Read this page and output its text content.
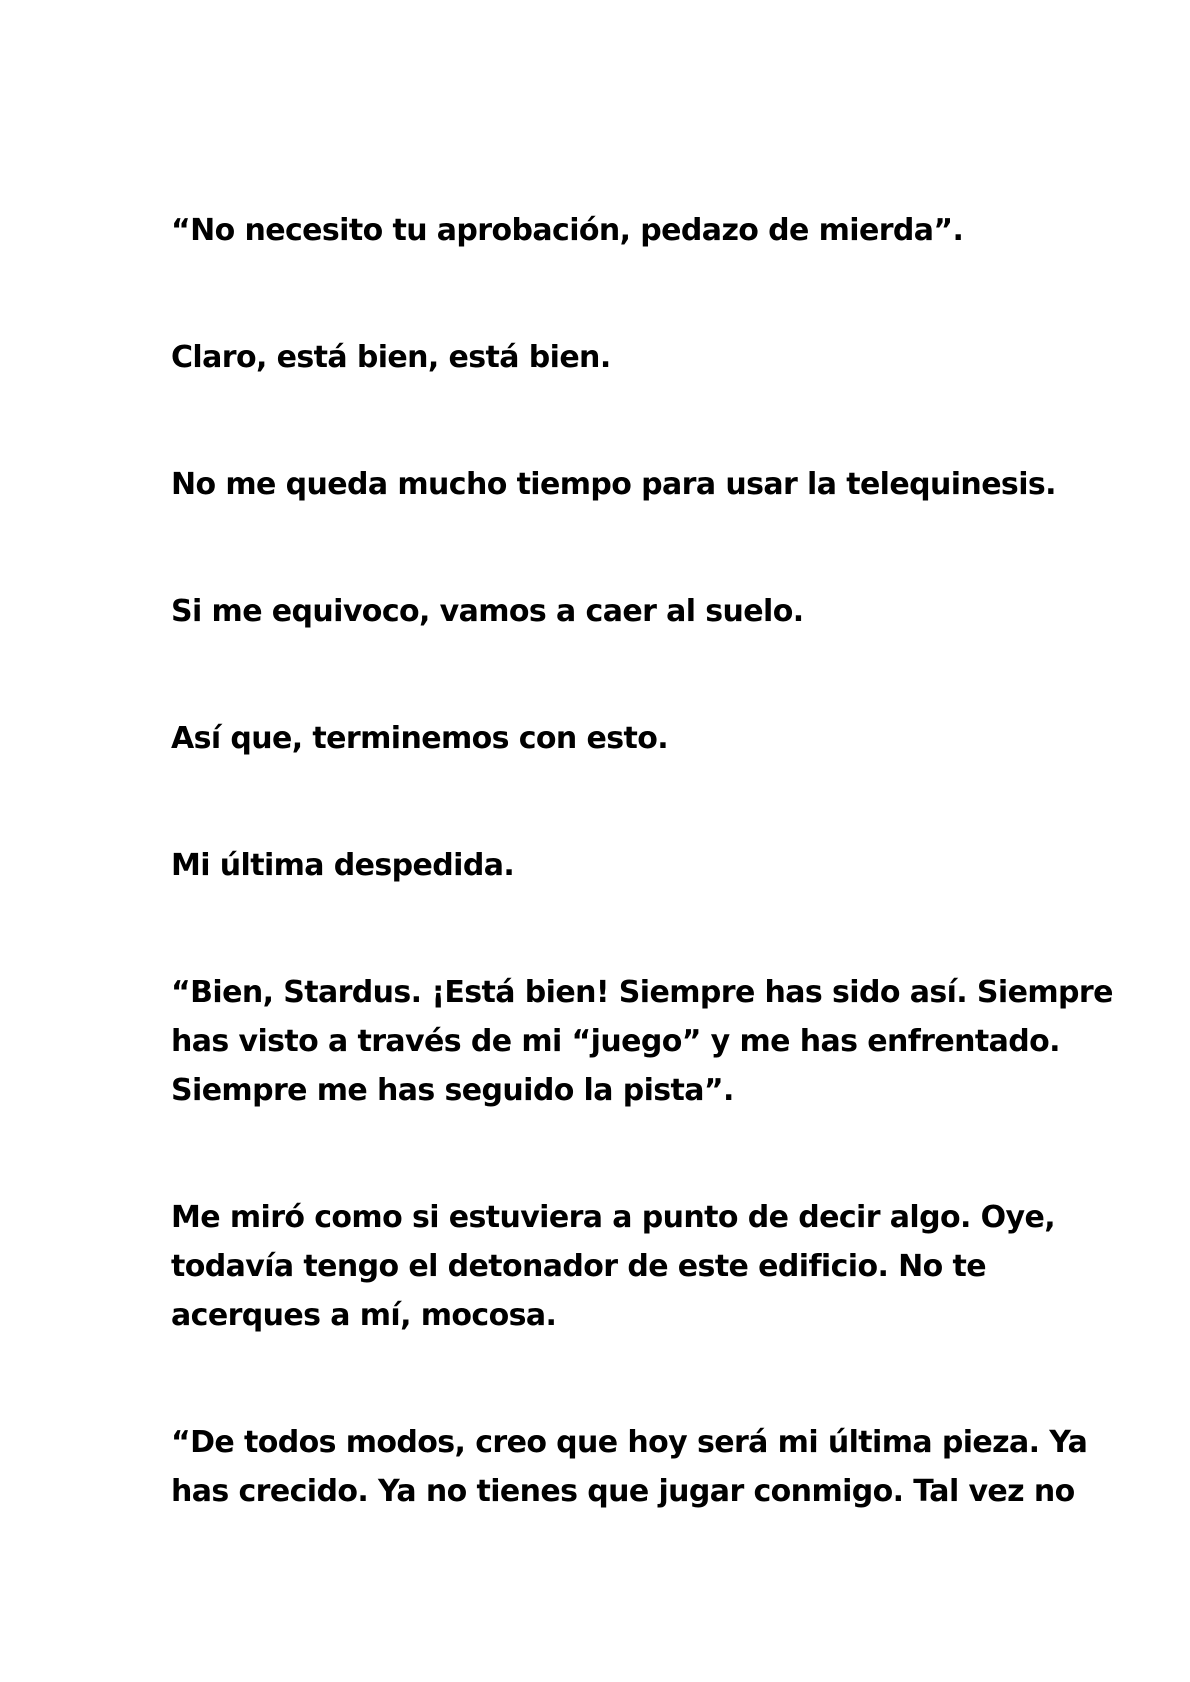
“No necesito tu aprobación, pedazo de mierda”.

Claro, está bien, está bien.

No me queda mucho tiempo para usar la telequinesis.

Si me equivoco, vamos a caer al suelo.

Así que, terminemos con esto.

Mi última despedida.

“Bien, Stardus. ¡Está bien! Siempre has sido así. Siempre
has visto a través de mi “juego” y me has enfrentado.
Siempre me has seguido la pista”.

Me miró como si estuviera a punto de decir algo. Oye,
todavía tengo el detonador de este edificio. No te
acerques a mí, mocosa.

“De todos modos, creo que hoy será mi última pieza. Ya
has crecido. Ya no tienes que jugar conmigo. Tal vez no
